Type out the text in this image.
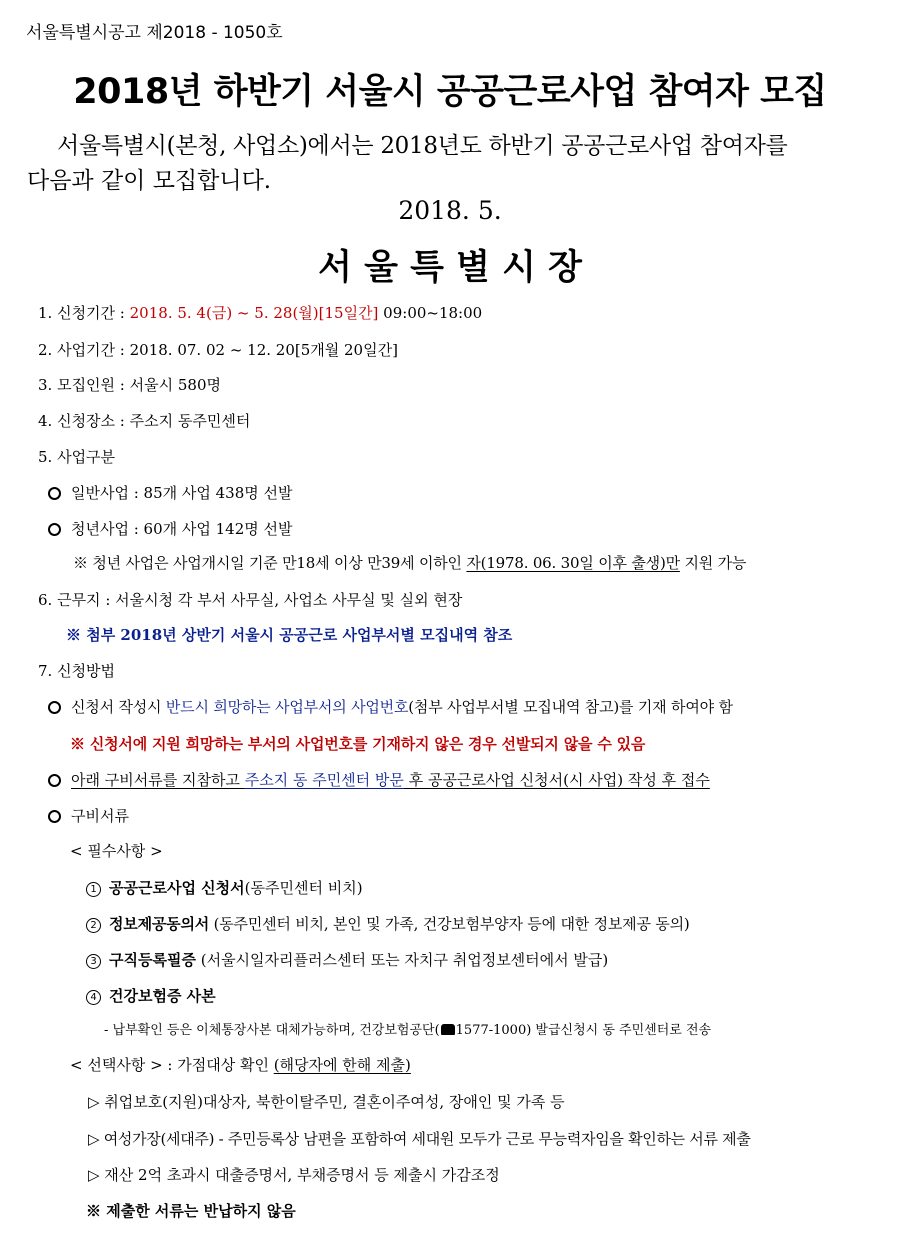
서울특별시공고 제2018 - 1050호
2018년 하반기 서울시 공공근로사업 참여자 모집
서울특별시(본청, 사업소)에서는 2018년도 하반기 공공근로사업 참여자를
다음과 같이 모집합니다.
2018. 5.
서 울 특 별 시 장
1. 신청기간 : 2018. 5. 4(금) ~ 5. 28(월)[15일간] 09:00~18:00
2. 사업기간 : 2018. 07. 02 ~ 12. 20[5개월 20일간]
3. 모집인원 : 서울시 580명
4. 신청장소 : 주소지 동주민센터
5. 사업구분
일반사업 : 85개 사업 438명 선발
청년사업 : 60개 사업 142명 선발
※ 청년 사업은 사업개시일 기준 만18세 이상 만39세 이하인 자(1978. 06. 30일 이후 출생)만 지원 가능
6. 근무지 : 서울시청 각 부서 사무실, 사업소 사무실 및 실외 현장
※ 첨부 2018년 상반기 서울시 공공근로 사업부서별 모집내역 참조
7. 신청방법
신청서 작성시 반드시 희망하는 사업부서의 사업번호(첨부 사업부서별 모집내역 참고)를 기재 하여야 함
※ 신청서에 지원 희망하는 부서의 사업번호를 기재하지 않은 경우 선발되지 않을 수 있음
아래 구비서류를 지참하고 주소지 동 주민센터 방문 후 공공근로사업 신청서(시 사업) 작성 후 접수
구비서류
< 필수사항 >
1 공공근로사업 신청서(동주민센터 비치)
2 정보제공동의서 (동주민센터 비치, 본인 및 가족, 건강보험부양자 등에 대한 정보제공 동의)
3 구직등록필증 (서울시일자리플러스센터 또는 자치구 취업정보센터에서 발급)
4 건강보험증 사본
- 납부확인 등은 이체통장사본 대체가능하며, 건강보험공단( 1577-1000) 발급신청시 동 주민센터로 전송
< 선택사항 > : 가점대상 확인 (해당자에 한해 제출)
▷ 취업보호(지원)대상자, 북한이탈주민, 결혼이주여성, 장애인 및 가족 등
▷ 여성가장(세대주) - 주민등록상 남편을 포함하여 세대원 모두가 근로 무능력자임을 확인하는 서류 제출
▷ 재산 2억 초과시 대출증명서, 부채증명서 등 제출시 가감조정
※ 제출한 서류는 반납하지 않음
